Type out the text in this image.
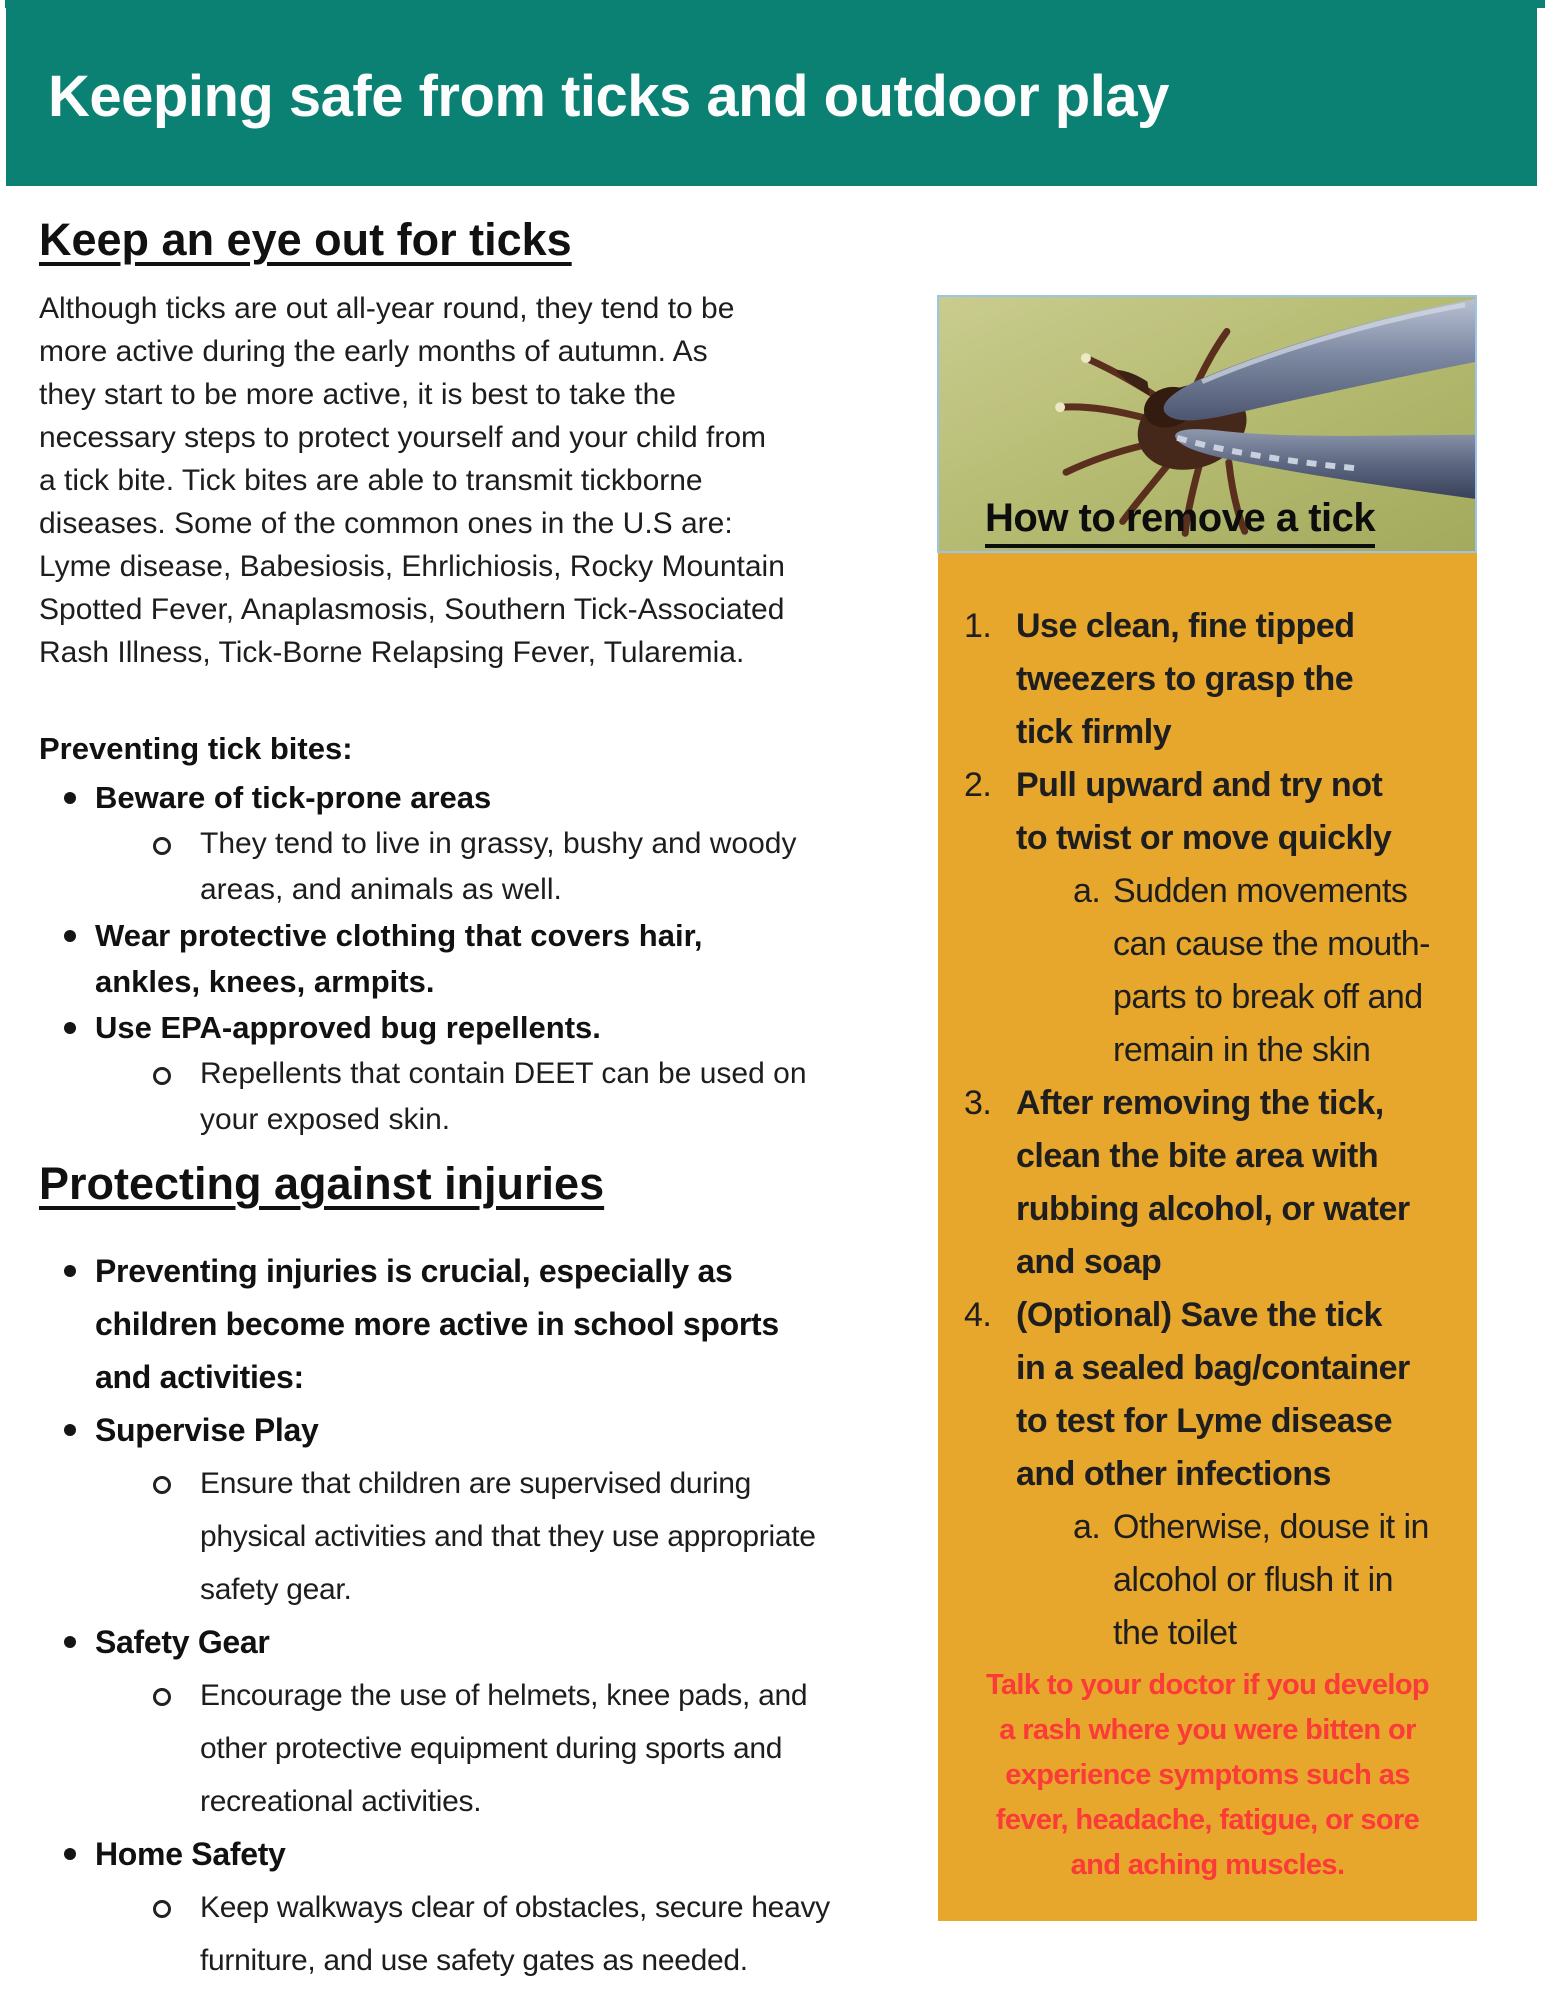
Keeping safe from ticks and outdoor play
Keep an eye out for ticks
Although ticks are out all-year round, they tend to be
more active during the early months of autumn. As
they start to be more active, it is best to take the
necessary steps to protect yourself and your child from
a tick bite. Tick bites are able to transmit tickborne
diseases. Some of the common ones in the U.S are:
Lyme disease, Babesiosis, Ehrlichiosis, Rocky Mountain
Spotted Fever, Anaplasmosis, Southern Tick-Associated
Rash Illness, Tick-Borne Relapsing Fever, Tularemia.
Preventing tick bites:
Beware of tick-prone areas
They tend to live in grassy, bushy and woody
areas, and animals as well.
Wear protective clothing that covers hair,
ankles, knees, armpits.
Use EPA-approved bug repellents.
Repellents that contain DEET can be used on
your exposed skin.
Protecting against injuries
Preventing injuries is crucial, especially as
children become more active in school sports
and activities:
Supervise Play
Ensure that children are supervised during
physical activities and that they use appropriate
safety gear.
Safety Gear
Encourage the use of helmets, knee pads, and
other protective equipment during sports and
recreational activities.
Home Safety
Keep walkways clear of obstacles, secure heavy
furniture, and use safety gates as needed.
How to remove a tick
1. Use clean, fine tipped
tweezers to grasp the
tick firmly
2. Pull upward and try not
to twist or move quickly
a. Sudden movements
can cause the mouth-
parts to break off and
remain in the skin
3. After removing the tick,
clean the bite area with
rubbing alcohol, or water
and soap
4. (Optional) Save the tick
in a sealed bag/container
to test for Lyme disease
and other infections
a. Otherwise, douse it in
alcohol or flush it in
the toilet
Talk to your doctor if you develop
a rash where you were bitten or
experience symptoms such as
fever, headache, fatigue, or sore
and aching muscles.
